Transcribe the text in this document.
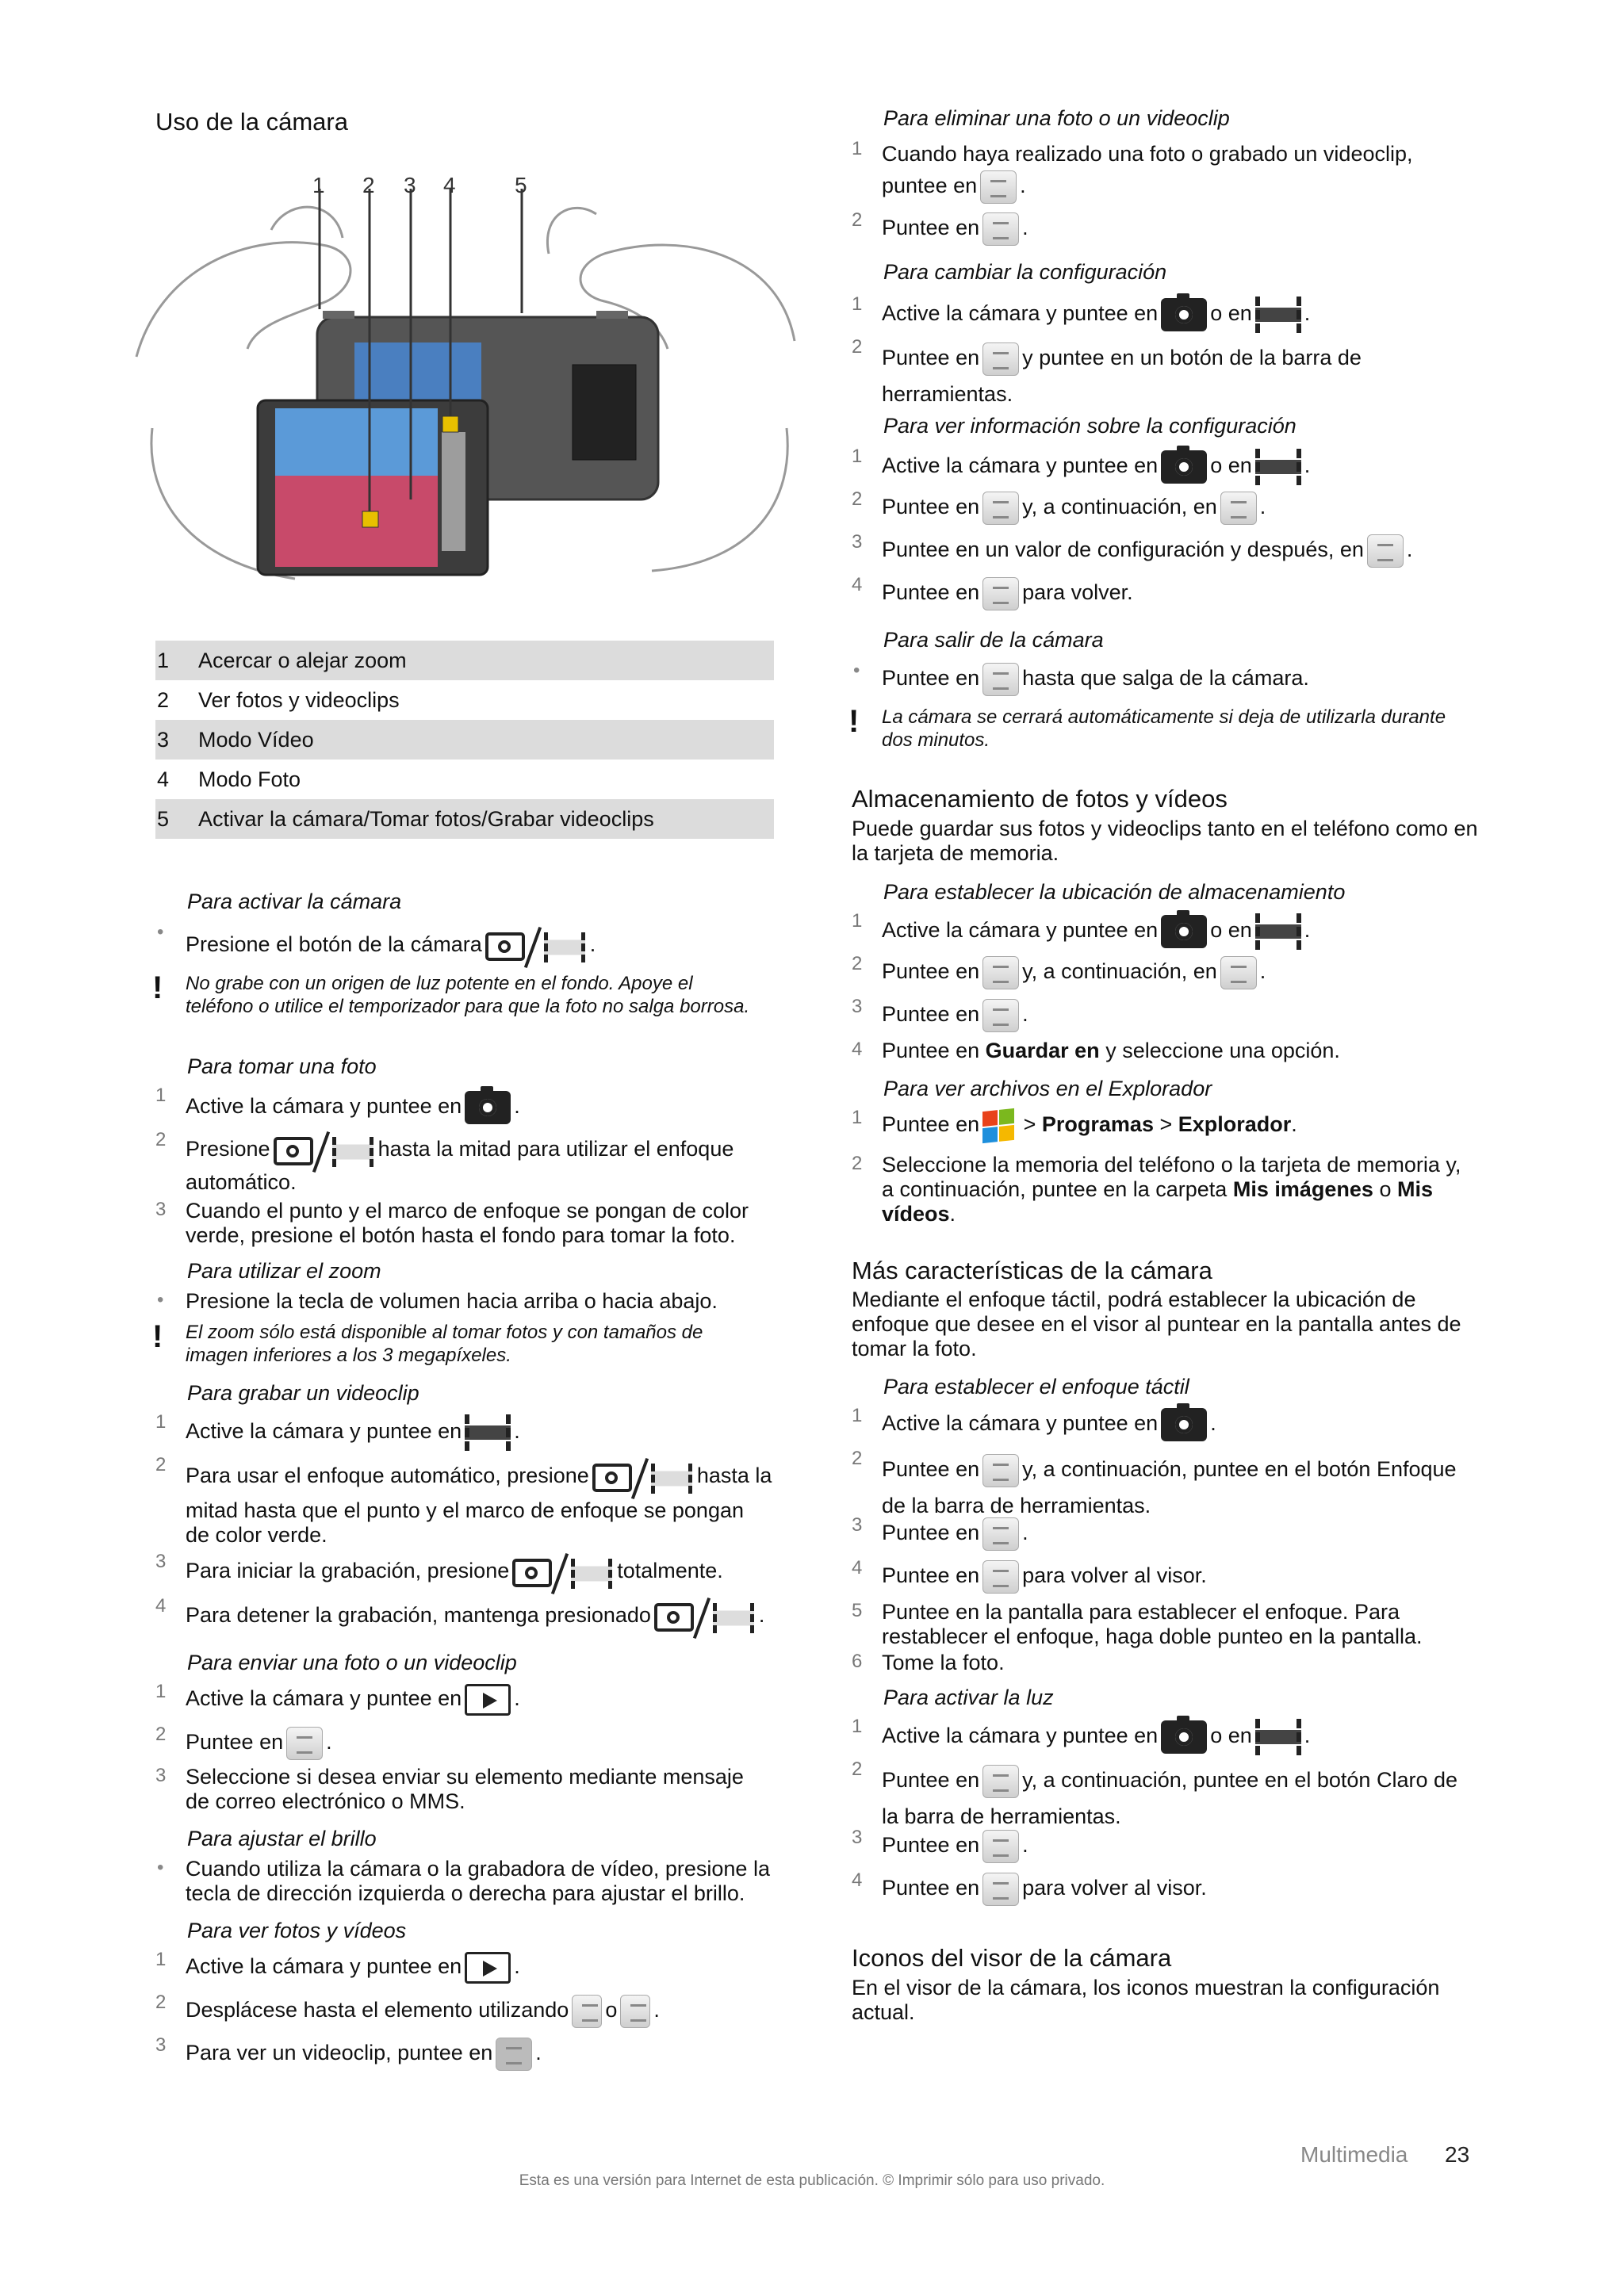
Uso de la cámara
1 2 3 4	5
1	Acercar o alejar zoom
2	Ver fotos y videoclips
3	Modo Vídeo
4	Modo Foto
5	Activar la cámara/Tomar fotos/Grabar videoclips
Para activar la cámara
•
Presione el botón de la cámara	.
! No grabe con un origen de luz potente en el fondo. Apoye el teléfono o utilice el temporizador para que la foto no salga borrosa.
Para tomar una foto
1 Active la cámara y puntee en .
2 Presione	hasta la mitad para utilizar el enfoque
automático.
3 Cuando el punto y el marco de enfoque se pongan de color verde, presione el botón hasta el fondo para tomar la foto.
Para utilizar el zoom
• Presione la tecla de volumen hacia arriba o hacia abajo.
! El zoom sólo está disponible al tomar fotos y con tamaños de imagen inferiores a los 3 megapíxeles.
Para grabar un videoclip
1 Active la cámara y puntee en .
2 Para usar el enfoque automático, presione	hasta la
mitad hasta que el punto y el marco de enfoque se pongan de color verde.
3 Para iniciar la grabación, presione	totalmente.
4 Para detener la grabación, mantenga presionado	.
Para enviar una foto o un videoclip
1 Active la cámara y puntee en .
2 Puntee en .
3 Seleccione si desea enviar su elemento mediante mensaje de correo electrónico o MMS.
Para ajustar el brillo
• Cuando utiliza la cámara o la grabadora de vídeo, presione la tecla de dirección izquierda o derecha para ajustar el brillo.
Para ver fotos y vídeos
1 Active la cámara y puntee en .
2 Desplácese hasta el elemento utilizando o .
3 Para ver un videoclip, puntee en .
Para eliminar una foto o un videoclip
1 Cuando haya realizado una foto o grabado un videoclip,
puntee en .
2 Puntee en .
Para cambiar la configuración
1 Active la cámara y puntee en o en .
2 Puntee en y puntee en un botón de la barra de
herramientas.
Para ver información sobre la configuración
1 Active la cámara y puntee en o en .
2 Puntee en y, a continuación, en .
3 Puntee en un valor de configuración y después, en .
4 Puntee en para volver.
Para salir de la cámara
• Puntee en hasta que salga de la cámara.
! La cámara se cerrará automáticamente si deja de utilizarla durante dos minutos.
Almacenamiento de fotos y vídeos
Puede guardar sus fotos y videoclips tanto en el teléfono como en la tarjeta de memoria.
Para establecer la ubicación de almacenamiento
1 Active la cámara y puntee en o en .
2 Puntee en y, a continuación, en .
3 Puntee en .
4 Puntee en Guardar en y seleccione una opción.
Para ver archivos en el Explorador
1 Puntee en
> Programas > Explorador.
2 Seleccione la memoria del teléfono o la tarjeta de memoria y, a continuación, puntee en la carpeta Mis imágenes o Mis vídeos.
Más características de la cámara
Mediante el enfoque táctil, podrá establecer la ubicación de enfoque que desee en el visor al puntear en la pantalla antes de tomar la foto.
Para establecer el enfoque táctil
1 Active la cámara y puntee en .
2 Puntee en y, a continuación, puntee en el botón Enfoque
de la barra de herramientas.
3 Puntee en .
4 Puntee en para volver al visor.
5 Puntee en la pantalla para establecer el enfoque. Para restablecer el enfoque, haga doble punteo en la pantalla.
6 Tome la foto.
Para activar la luz
1 Active la cámara y puntee en o en .
2 Puntee en y, a continuación, puntee en el botón Claro de
la barra de herramientas.
3 Puntee en .
4 Puntee en para volver al visor.
Iconos del visor de la cámara
En el visor de la cámara, los iconos muestran la configuración actual.
Multimedia 23
Esta es una versión para Internet de esta publicación. © Imprimir sólo para uso privado.
